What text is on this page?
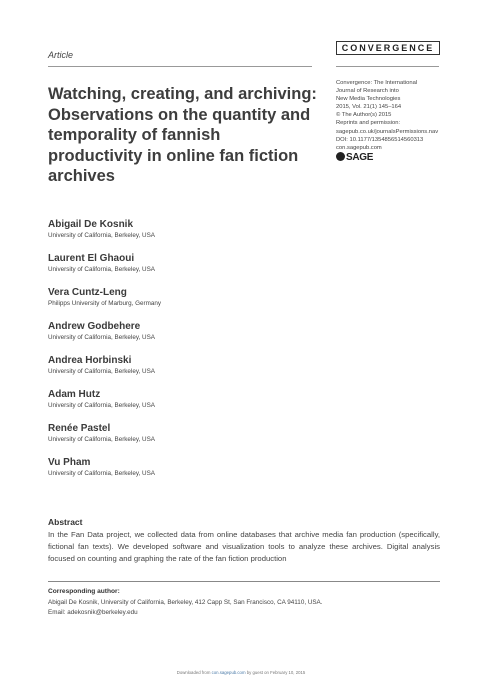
Article
CONVERGENCE
Watching, creating, and archiving: Observations on the quantity and temporality of fannish productivity in online fan fiction archives
Convergence: The International
Journal of Research into
New Media Technologies
2015, Vol. 21(1) 145–164
© The Author(s) 2015
Reprints and permission:
sagepub.co.uk/journalsPermissions.nav
DOI: 10.1177/1354856514560313
con.sagepub.com
SAGE
Abigail De Kosnik
University of California, Berkeley, USA
Laurent El Ghaoui
University of California, Berkeley, USA
Vera Cuntz-Leng
Philipps University of Marburg, Germany
Andrew Godbehere
University of California, Berkeley, USA
Andrea Horbinski
University of California, Berkeley, USA
Adam Hutz
University of California, Berkeley, USA
Renée Pastel
University of California, Berkeley, USA
Vu Pham
University of California, Berkeley, USA
Abstract
In the Fan Data project, we collected data from online databases that archive media fan production (specifically, fictional fan texts). We developed software and visualization tools to analyze these archives. Digital analysis focused on counting and graphing the rate of the fan fiction production
Corresponding author:
Abigail De Kosnik, University of California, Berkeley, 412 Capp St, San Francisco, CA 94110, USA.
Email: adekosnik@berkeley.edu
Downloaded from con.sagepub.com by guest on February 10, 2015
